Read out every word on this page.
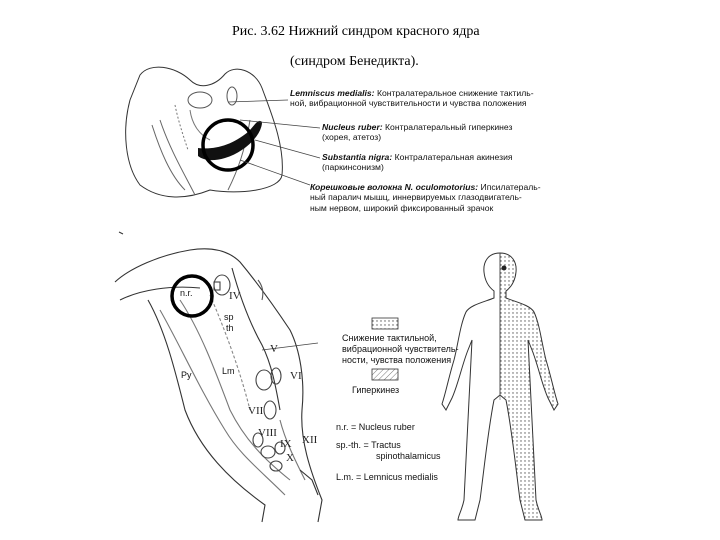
Рис. 3.62 Нижний синдром красного ядра
(синдром Бенедикта).
Lemniscus medialis: Контралатеральное снижение тактиль-
ной, вибрационной чувствительности и чувства положения
Nucleus ruber: Контралатеральный гиперкинез
(хорея, атетоз)
Substantia nigra: Контралатеральная акинезия
(паркинсонизм)
Корешковые волокна N. oculomotorius: Ипсилатераль-
ный паралич мышц, иннервируемых глазодвигатель-
ным нервом, широкий фиксированный зрачок
n.r.	IV
sp
th
Py	Lm
V
VI
VII
VIII
IX
X
XII
Снижение тактильной,
вибрационной чувствитель-
ности, чувства положения
Гиперкинез
n.r. = Nucleus ruber
sp.-th. = Tractus
spinothalamicus
L.m. = Lemnicus medialis
